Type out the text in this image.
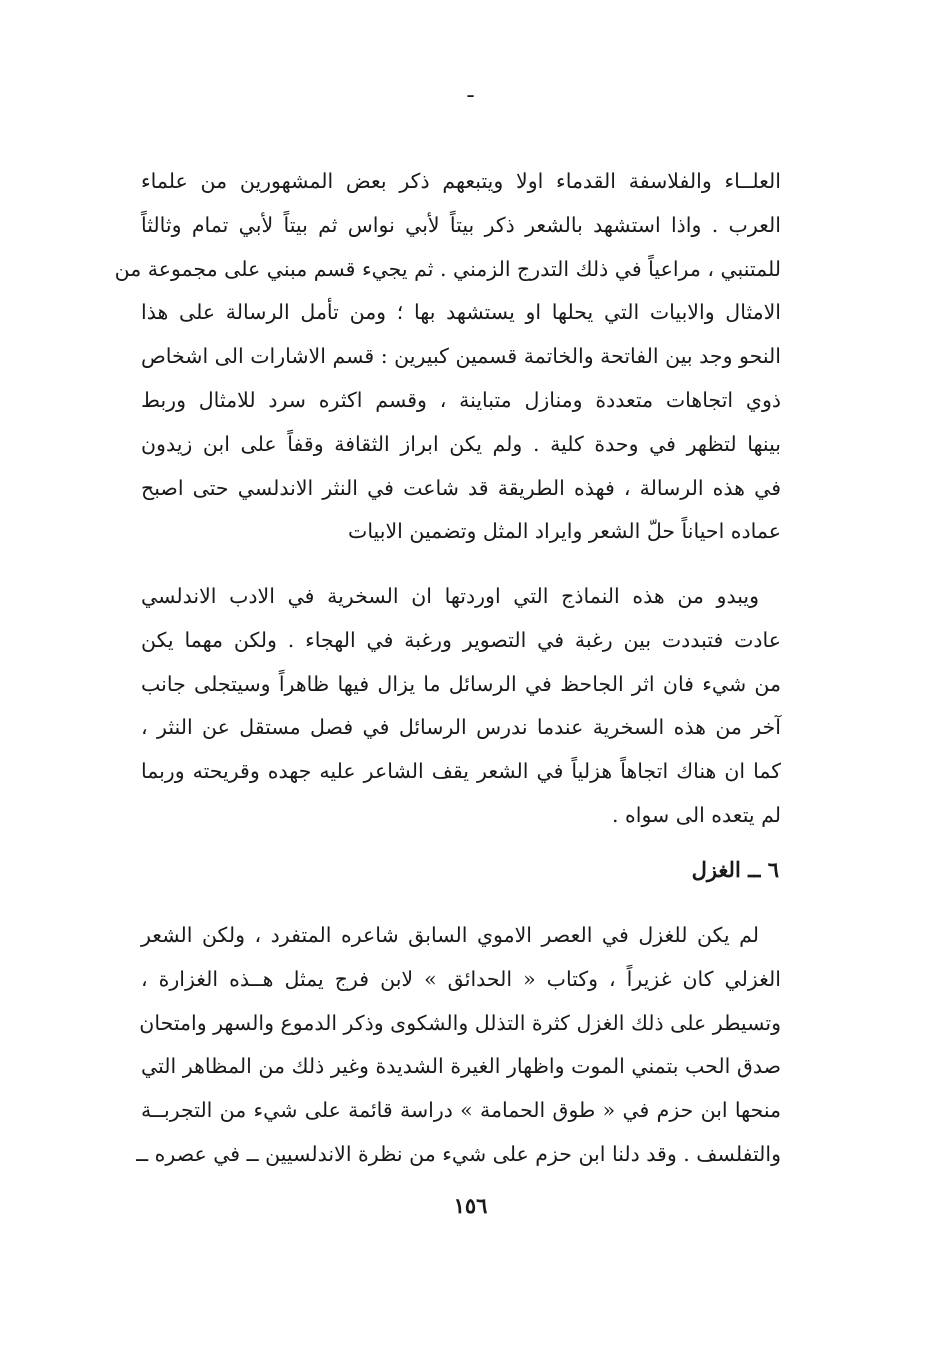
ـ
العلــاء والفلاسفة القدماء اولا ويتبعهم ذكر بعض المشهورين من علماء
العرب . واذا استشهد بالشعر ذكر بيتاً لأبي نواس ثم بيتاً لأبي تمام وثالثاً
للمتنبي ، مراعياً في ذلك التدرج الزمني . ثم يجيء قسم مبني على مجموعة من
الامثال والابيات التي يحلها او يستشهد بها ؛ ومن تأمل الرسالة على هذا
النحو وجد بين الفاتحة والخاتمة قسمين كبيرين : قسم الاشارات الى اشخاص
ذوي اتجاهات متعددة ومنازل متباينة ، وقسم اكثره سرد للامثال وربط
بينها لتظهر في وحدة كلية . ولم يكن ابراز الثقافة وقفاً على ابن زيدون
في هذه الرسالة ، فهذه الطريقة قد شاعت في النثر الاندلسي حتى اصبح
عماده احياناً حلّ الشعر وايراد المثل وتضمين الابيات
ويبدو من هذه النماذج التي اوردتها ان السخرية في الادب الاندلسي
عادت فتبددت بين رغبة في التصوير ورغبة في الهجاء . ولكن مهما يكن
من شيء فان اثر الجاحظ في الرسائل ما يزال فيها ظاهراً وسيتجلى جانب
آخر من هذه السخرية عندما ندرس الرسائل في فصل مستقل عن النثر ،
كما ان هناك اتجاهاً هزلياً في الشعر يقف الشاعر عليه جهده وقريحته وربما
لم يتعده الى سواه .
٦ ــ الغزل
لم يكن للغزل في العصر الاموي السابق شاعره المتفرد ، ولكن الشعر
الغزلي كان غزيراً ، وكتاب « الحدائق » لابن فرج يمثل هــذه الغزارة ،
وتسيطر على ذلك الغزل كثرة التذلل والشكوى وذكر الدموع والسهر وامتحان
صدق الحب بتمني الموت واظهار الغيرة الشديدة وغير ذلك من المظاهر التي
منحها ابن حزم في « طوق الحمامة » دراسة قائمة على شيء من التجربــة
والتفلسف . وقد دلنا ابن حزم على شيء من نظرة الاندلسيين ــ في عصره ــ
١٥٦
